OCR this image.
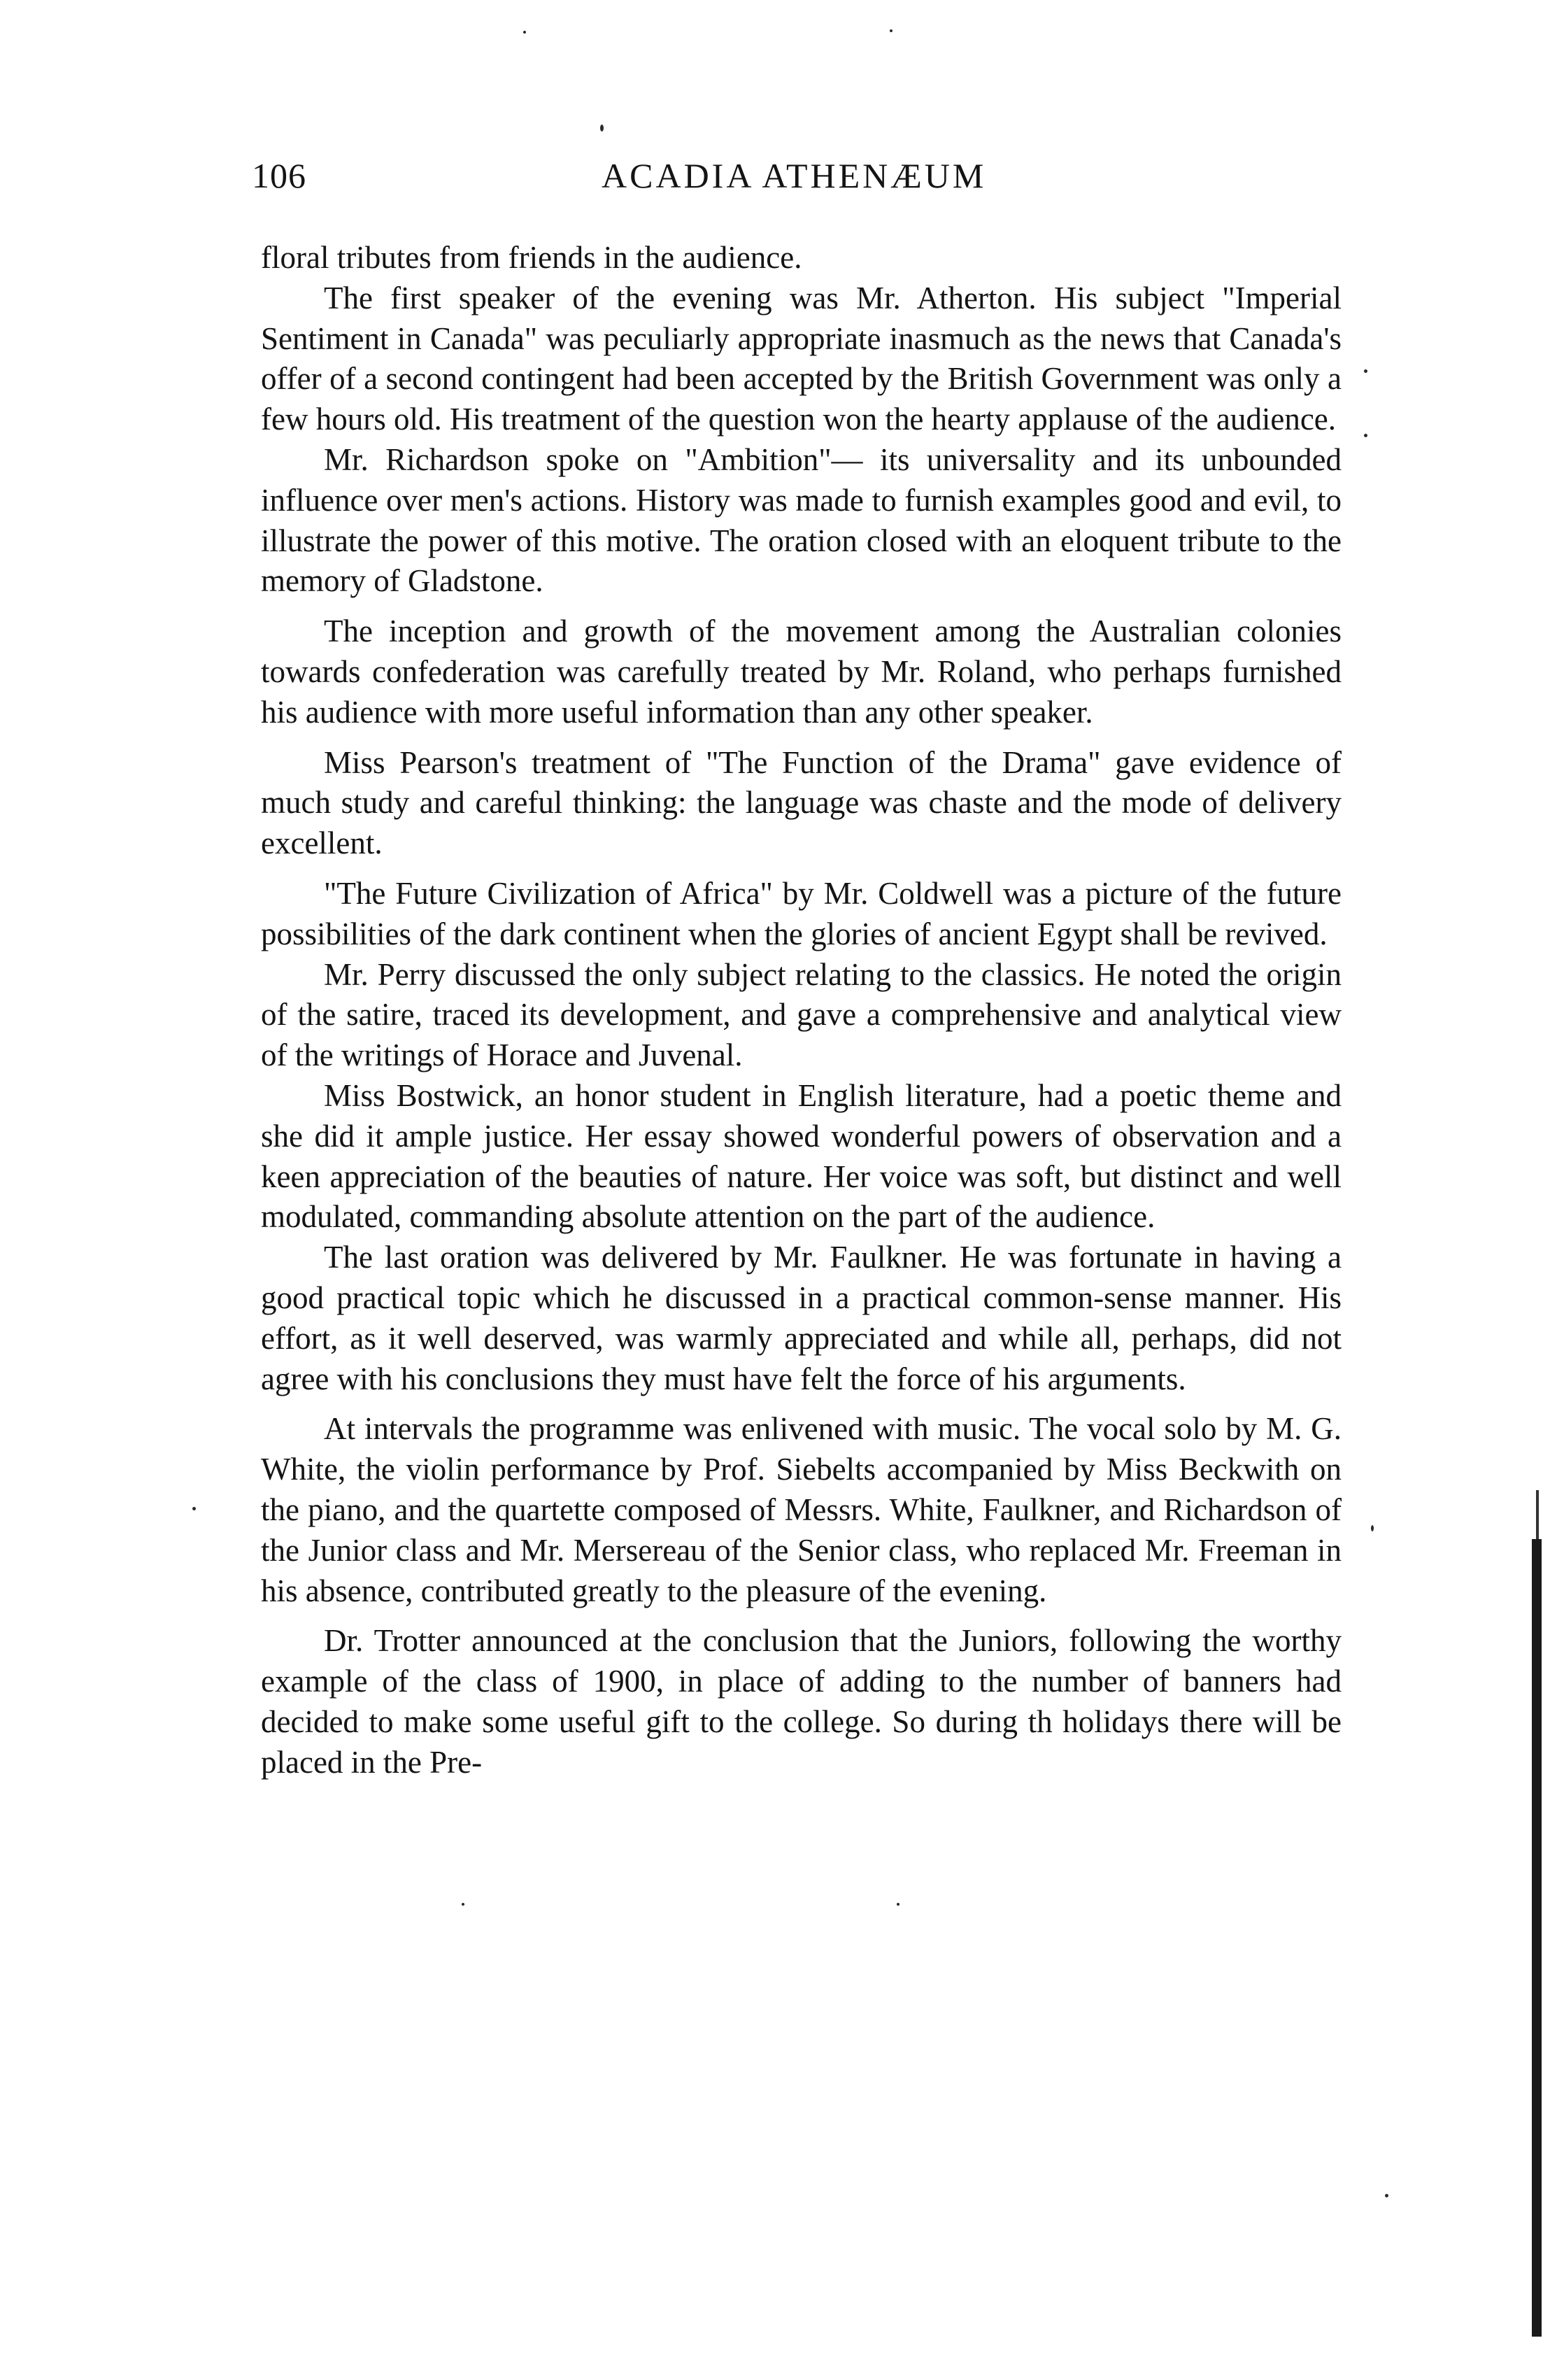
106	ACADIA ATHENÆUM

floral tributes from friends in the audience.

The first speaker of the evening was Mr. Atherton. His subject "Imperial Sentiment in Canada" was peculiarly appropriate inasmuch as the news that Canada's offer of a second contingent had been accepted by the British Government was only a few hours old. His treatment of the question won the hearty applause of the audience.

Mr. Richardson spoke on "Ambition"— its universality and its unbounded influence over men's actions. History was made to furnish examples good and evil, to illustrate the power of this motive. The oration closed with an eloquent tribute to the memory of Gladstone.

The inception and growth of the movement among the Australian colonies towards confederation was carefully treated by Mr. Roland, who perhaps furnished his audience with more useful information than any other speaker.

Miss Pearson's treatment of "The Function of the Drama" gave evidence of much study and careful thinking: the language was chaste and the mode of delivery excellent.

"The Future Civilization of Africa" by Mr. Coldwell was a picture of the future possibilities of the dark continent when the glories of ancient Egypt shall be revived.

Mr. Perry discussed the only subject relating to the classics. He noted the origin of the satire, traced its development, and gave a comprehensive and analytical view of the writings of Horace and Juvenal.

Miss Bostwick, an honor student in English literature, had a poetic theme and she did it ample justice. Her essay showed wonderful powers of observation and a keen appreciation of the beauties of nature. Her voice was soft, but distinct and well modulated, commanding absolute attention on the part of the audience.

The last oration was delivered by Mr. Faulkner. He was fortunate in having a good practical topic which he discussed in a practical common-sense manner. His effort, as it well deserved, was warmly appreciated and while all, perhaps, did not agree with his conclusions they must have felt the force of his arguments.

At intervals the programme was enlivened with music. The vocal solo by M. G. White, the violin performance by Prof. Siebelts accompanied by Miss Beckwith on the piano, and the quartette composed of Messrs. White, Faulkner, and Richardson of the Junior class and Mr. Mersereau of the Senior class, who replaced Mr. Freeman in his absence, contributed greatly to the pleasure of the evening.

Dr. Trotter announced at the conclusion that the Juniors, following the worthy example of the class of 1900, in place of adding to the number of banners had decided to make some useful gift to the college. So during th holidays there will be placed in the Pre-
